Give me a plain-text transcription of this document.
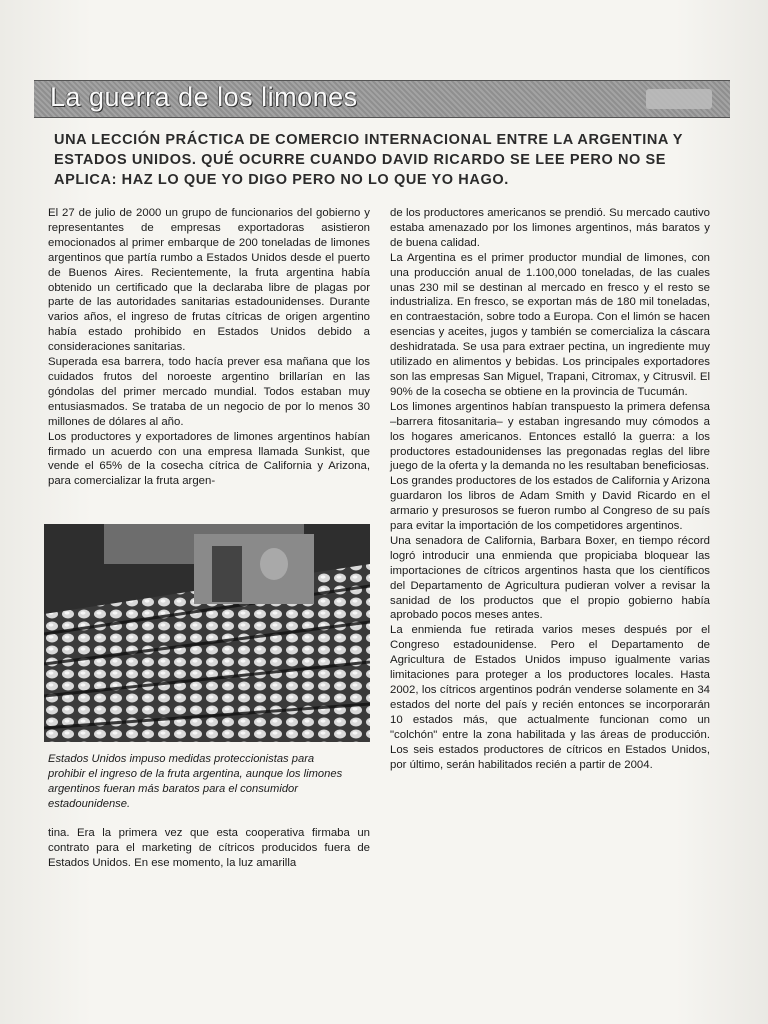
La guerra de los limones
UNA LECCIÓN PRÁCTICA DE COMERCIO INTERNACIONAL ENTRE LA ARGENTINA Y ESTADOS UNIDOS. QUÉ OCURRE CUANDO DAVID RICARDO SE LEE PERO NO SE APLICA: HAZ LO QUE YO DIGO PERO NO LO QUE YO HAGO.

El 27 de julio de 2000 un grupo de funcionarios del gobierno y representantes de empresas exportadoras asistieron emocionados al primer embarque de 200 toneladas de limones argentinos que partía rumbo a Estados Unidos desde el puerto de Buenos Aires. Recientemente, la fruta argentina había obtenido un certificado que la declaraba libre de plagas por parte de las autoridades sanitarias estadounidenses. Durante varios años, el ingreso de frutas cítricas de origen argentino había estado prohibido en Estados Unidos debido a consideraciones sanitarias.

Superada esa barrera, todo hacía prever esa mañana que los cuidados frutos del noroeste argentino brillarían en las góndolas del primer mercado mundial. Todos estaban muy entusiasmados. Se trataba de un negocio de por lo menos 30 millones de dólares al año.

Los productores y exportadores de limones argentinos habían firmado un acuerdo con una empresa llamada Sunkist, que vende el 65% de la cosecha cítrica de California y Arizona, para comercializar la fruta argen-

Estados Unidos impuso medidas proteccionistas para prohibir el ingreso de la fruta argentina, aunque los limones argentinos fueran más baratos para el consumidor estadounidense.

tina. Era la primera vez que esta cooperativa firmaba un contrato para el marketing de cítricos producidos fuera de Estados Unidos. En ese momento, la luz amarilla

de los productores americanos se prendió. Su mercado cautivo estaba amenazado por los limones argentinos, más baratos y de buena calidad.

La Argentina es el primer productor mundial de limones, con una producción anual de 1.100,000 toneladas, de las cuales unas 230 mil se destinan al mercado en fresco y el resto se industrializa. En fresco, se exportan más de 180 mil toneladas, en contraestación, sobre todo a Europa. Con el limón se hacen esencias y aceites, jugos y también se comercializa la cáscara deshidratada. Se usa para extraer pectina, un ingrediente muy utilizado en alimentos y bebidas. Los principales exportadores son las empresas San Miguel, Trapani, Citromax, y Citrusvil. El 90% de la cosecha se obtiene en la provincia de Tucumán.

Los limones argentinos habían transpuesto la primera defensa –barrera fitosanitaria– y estaban ingresando muy cómodos a los hogares americanos. Entonces estalló la guerra: a los productores estadounidenses las pregonadas reglas del libre juego de la oferta y la demanda no les resultaban beneficiosas.

Los grandes productores de los estados de California y Arizona guardaron los libros de Adam Smith y David Ricardo en el armario y presurosos se fueron rumbo al Congreso de su país para evitar la importación de los competidores argentinos.

Una senadora de California, Barbara Boxer, en tiempo récord logró introducir una enmienda que propiciaba bloquear las importaciones de cítricos argentinos hasta que los científicos del Departamento de Agricultura pudieran volver a revisar la sanidad de los productos que el propio gobierno había aprobado pocos meses antes.

La enmienda fue retirada varios meses después por el Congreso estadounidense. Pero el Departamento de Agricultura de Estados Unidos impuso igualmente varias limitaciones para proteger a los productores locales. Hasta 2002, los cítricos argentinos podrán venderse solamente en 34 estados del norte del país y recién entonces se incorporarán 10 estados más, que actualmente funcionan como un "colchón" entre la zona habilitada y las áreas de producción. Los seis estados productores de cítricos en Estados Unidos, por último, serán habilitados recién a partir de 2004.
